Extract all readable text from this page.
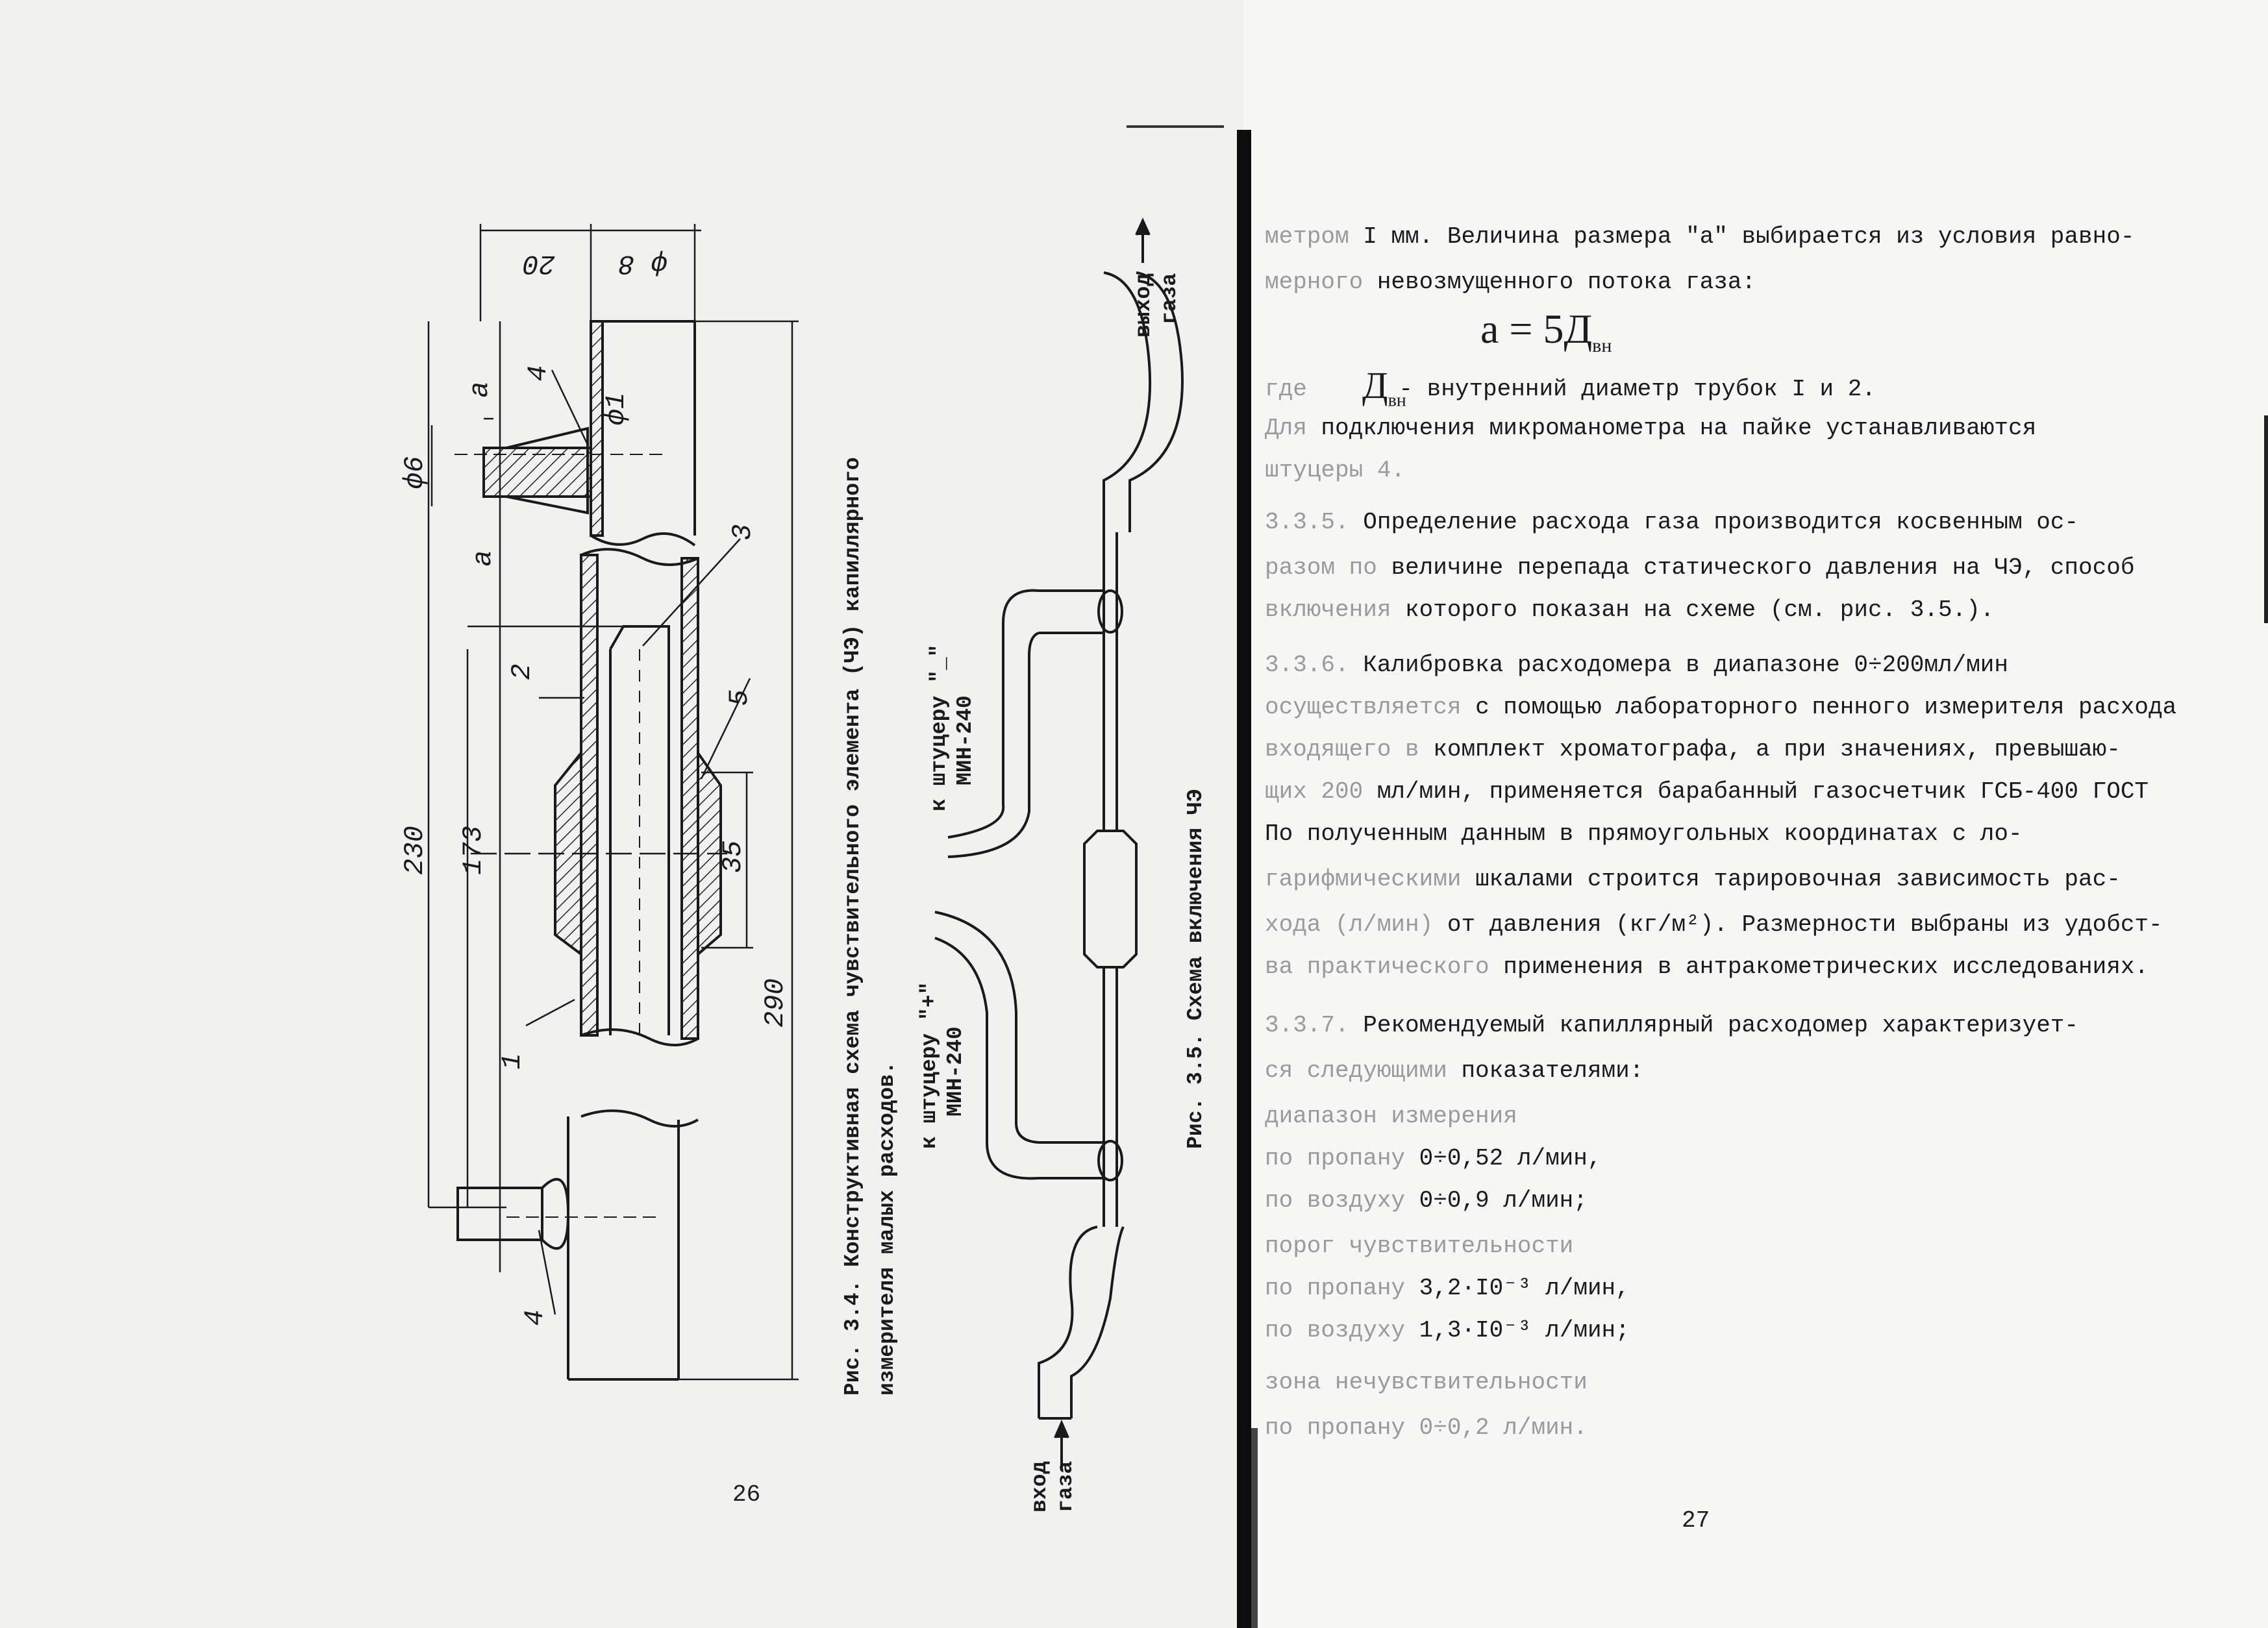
20 ф 8
a
4
ф6
ф1
a
3
2
5
230 173	35
290
1
4	Рис. 3.4. Конструктивная схема чувствительного элемента (ЧЭ) капиллярного измерителя малых расходов.
выход газа
к штуцеру "_" МИН-240
к штуцеру "+" МИН-240	Рис. 3.5. Схема включения ЧЭ
вход газа
26
метром I мм. Величина размера "а" выбирается из условия равно-
мерного невозмущенного потока газа:
где	- внутренний диаметр трубок I и 2.
Для подключения микроманометра на пайке устанавливаются
штуцеры 4.
3.3.5. Определение расхода газа производится косвенным ос-
разом по величине перепада статического давления на ЧЭ, способ
включения которого показан на схеме (см. рис. 3.5.).
3.3.6. Калибровка расходомера в диапазоне 0÷200мл/мин
осуществляется с помощью лабораторного пенного измерителя расхода
входящего в комплект хроматографа, а при значениях, превышаю-
щих 200 мл/мин, применяется барабанный газосчетчик ГСБ-400 ГОСТ
По полученным данным в прямоугольных координатах с ло-
гарифмическими шкалами строится тарировочная зависимость рас-
хода (л/мин) от давления (кг/м²). Размерности выбраны из удобст-
ва практического применения в антракометрических исследованиях.
3.3.7. Рекомендуемый капиллярный расходомер характеризует-
ся следующими показателями:
диапазон измерения
по пропану 0÷0,52 л/мин,
по воздуху 0÷0,9 л/мин;
порог чувствительности
по пропану 3,2·I0⁻³ л/мин,
по воздуху 1,3·I0⁻³ л/мин;
зона нечувствительности
по пропану 0÷0,2 л/мин.
$a = 5Д_{вн}$
$Д_{вн}$
27
